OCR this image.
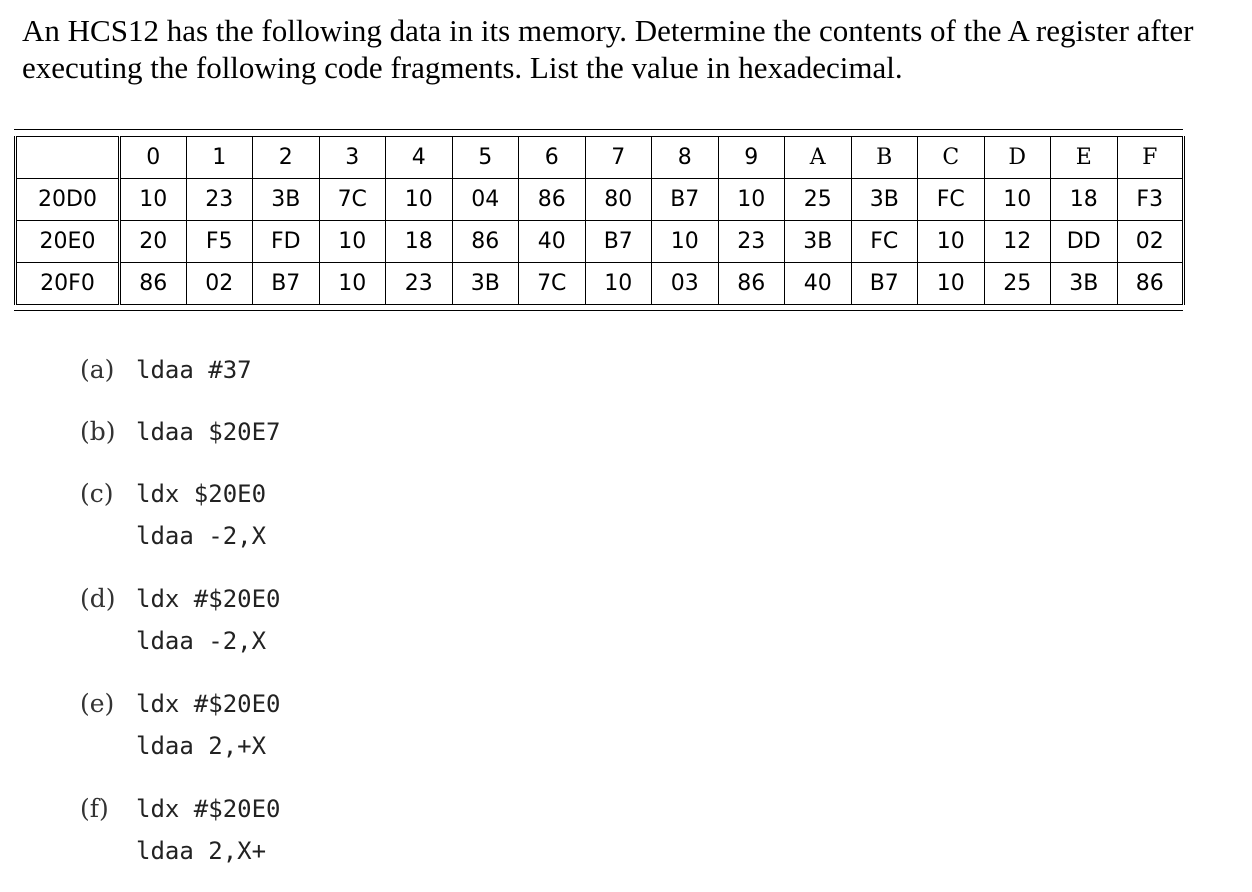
An HCS12 has the following data in its memory. Determine the contents of the A register after executing the following code fragments. List the value in hexadecimal.

	0	1	2	3	4	5	6	7	8	9	A	B	C	D	E	F
20D0	10	23	3B	7C	10	04	86	80	B7	10	25	3B	FC	10	18	F3
20E0	20	F5	FD	10	18	86	40	B7	10	23	3B	FC	10	12	DD	02
20F0	86	02	B7	10	23	3B	7C	10	03	86	40	B7	10	25	3B	86
(a) ldaa #37
(b) ldaa $20E7
(c) ldx $20E0
ldaa -2,X
(d) ldx #$20E0
ldaa -2,X
(e) ldx #$20E0
ldaa 2,+X
(f) ldx #$20E0
ldaa 2,X+
